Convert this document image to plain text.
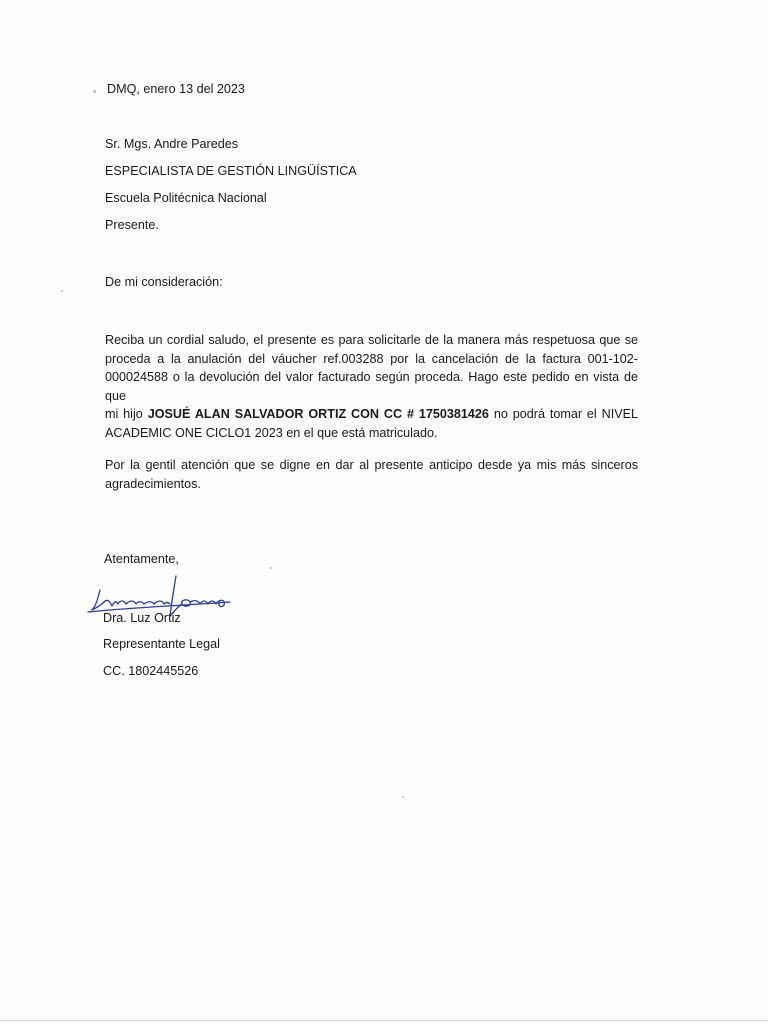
DMQ, enero 13 del 2023
Sr. Mgs. Andre Paredes
ESPECIALISTA DE GESTIÓN LINGÜÍSTICA
Escuela Politécnica Nacional
Presente.
De mi consideración:
Reciba un cordial saludo, el presente es para solicitarle de la manera más respetuosa que se
proceda a la anulación del váucher ref.003288 por la cancelación de la factura 001-102-
000024588 o la devolución del valor facturado según proceda. Hago este pedido en vista de que
mi hijo JOSUÉ ALAN SALVADOR ORTIZ CON CC # 1750381426 no podrá tomar el NIVEL
ACADEMIC ONE CICLO1 2023 en el que está matriculado.
Por la gentil atención que se digne en dar al presente anticipo desde ya mis más sinceros
agradecimientos.
Atentamente,
Dra. Luz Ortiz
Representante Legal
CC. 1802445526
